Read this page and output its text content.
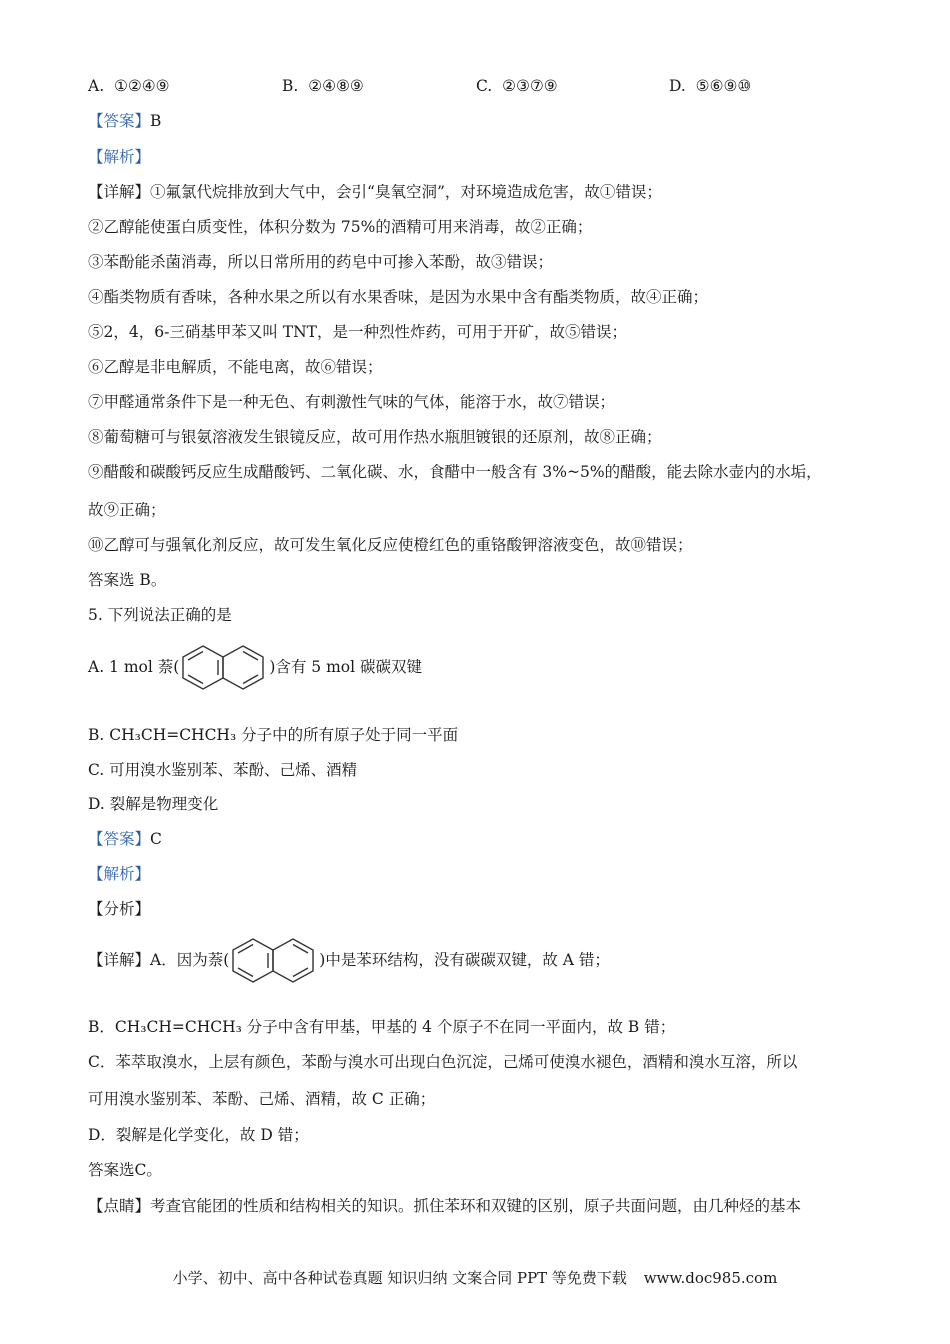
A. ①②④⑨	B. ②④⑧⑨	C. ②③⑦⑨	D. ⑤⑥⑨⑩
【答案】B
【解析】
【详解】①氟氯代烷排放到大气中，会引“臭氧空洞”，对环境造成危害，故①错误；
②乙醇能使蛋白质变性，体积分数为 75%的酒精可用来消毒，故②正确；
③苯酚能杀菌消毒，所以日常所用的药皂中可掺入苯酚，故③错误；
④酯类物质有香味，各种水果之所以有水果香味，是因为水果中含有酯类物质，故④正确；
⑤2，4，6-三硝基甲苯又叫 TNT，是一种烈性炸药，可用于开矿，故⑤错误；
⑥乙醇是非电解质，不能电离，故⑥错误；
⑦甲醛通常条件下是一种无色、有刺激性气味的气体，能溶于水，故⑦错误；
⑧葡萄糖可与银氨溶液发生银镜反应，故可用作热水瓶胆镀银的还原剂，故⑧正确；
⑨醋酸和碳酸钙反应生成醋酸钙、二氧化碳、水，食醋中一般含有 3%~5%的醋酸，能去除水壶内的水垢，
故⑨正确；
⑩乙醇可与强氧化剂反应，故可发生氧化反应使橙红色的重铬酸钾溶液变色，故⑩错误；
答案选 B。
5. 下列说法正确的是
A. 1 mol 萘(	)含有 5 mol 碳碳双键
B. CH₃CH=CHCH₃ 分子中的所有原子处于同一平面
C. 可用溴水鉴别苯、苯酚、己烯、酒精
D. 裂解是物理变化
【答案】C
【解析】
【分析】
【详解】 A．因为萘(	)中是苯环结构，没有碳碳双键，故 A 错；
B．CH₃CH=CHCH₃ 分子中含有甲基，甲基的 4 个原子不在同一平面内，故 B 错；
C．苯萃取溴水，上层有颜色，苯酚与溴水可出现白色沉淀，己烯可使溴水褪色，酒精和溴水互溶，所以
可用溴水鉴别苯、苯酚、己烯、酒精，故 C 正确；
D．裂解是化学变化，故 D 错；
答案选C。
【点睛】考查官能团的性质和结构相关的知识。抓住苯环和双键的区别，原子共面问题，由几种烃的基本
小学、初中、高中各种试卷真题 知识归纳 文案合同 PPT 等免费下载 www.doc985.com
